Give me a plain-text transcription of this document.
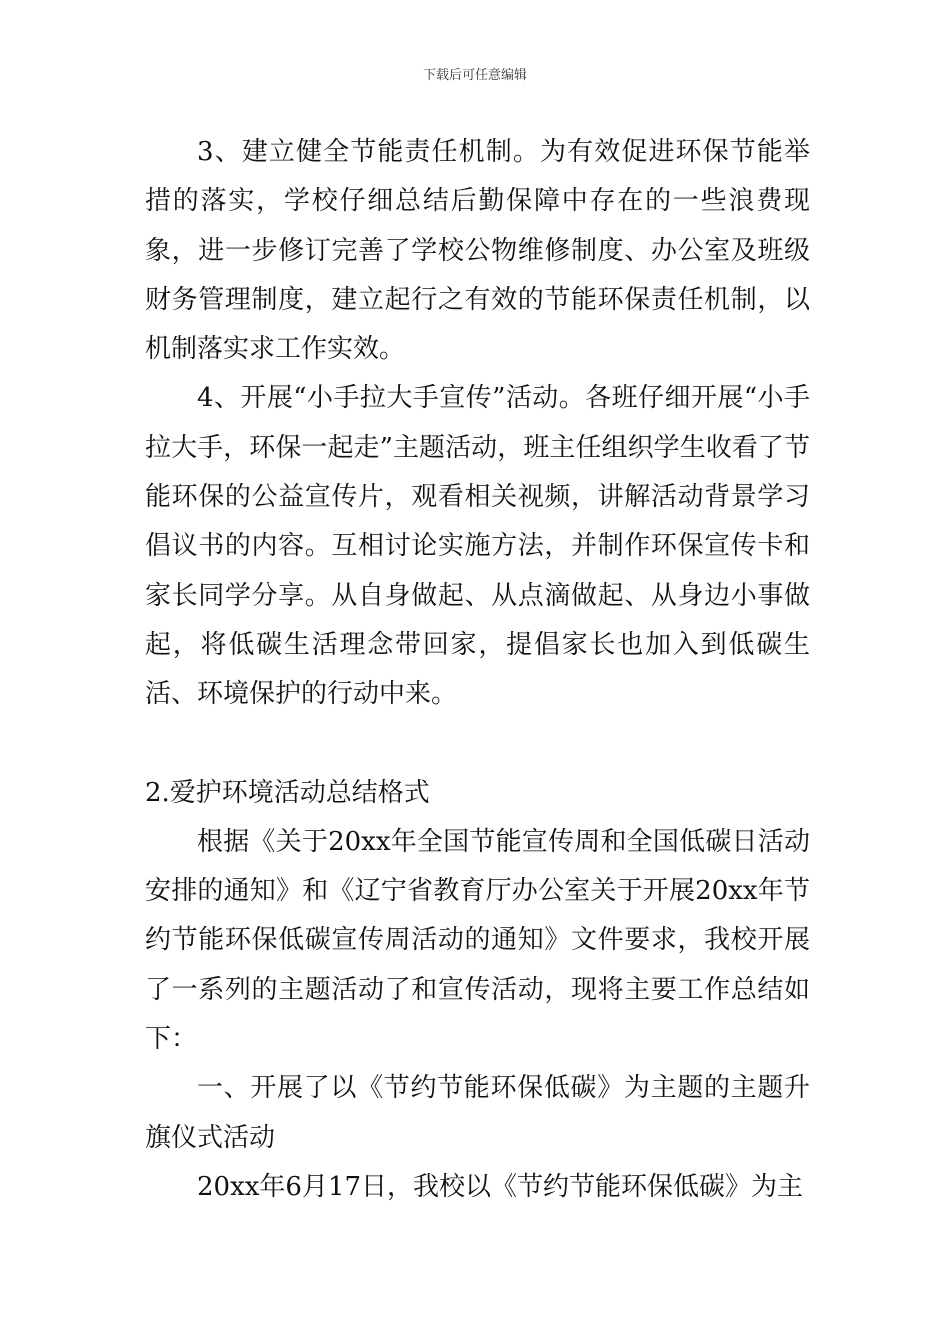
下载后可任意编辑

3、建立健全节能责任机制。为有效促进环保节能举措的落实，学校仔细总结后勤保障中存在的一些浪费现象，进一步修订完善了学校公物维修制度、办公室及班级财务管理制度，建立起行之有效的节能环保责任机制，以机制落实求工作实效。

4、开展“小手拉大手宣传”活动。各班仔细开展“小手拉大手，环保一起走”主题活动，班主任组织学生收看了节能环保的公益宣传片，观看相关视频，讲解活动背景学习倡议书的内容。互相讨论实施方法，并制作环保宣传卡和家长同学分享。从自身做起、从点滴做起、从身边小事做起，将低碳生活理念带回家，提倡家长也加入到低碳生活、环境保护的行动中来。

2.爱护环境活动总结格式

根据《关于20xx年全国节能宣传周和全国低碳日活动安排的通知》和《辽宁省教育厅办公室关于开展20xx年节约节能环保低碳宣传周活动的通知》文件要求，我校开展了一系列的主题活动了和宣传活动，现将主要工作总结如下：

一、开展了以《节约节能环保低碳》为主题的主题升旗仪式活动

20xx年6月17日，我校以《节约节能环保低碳》为主
